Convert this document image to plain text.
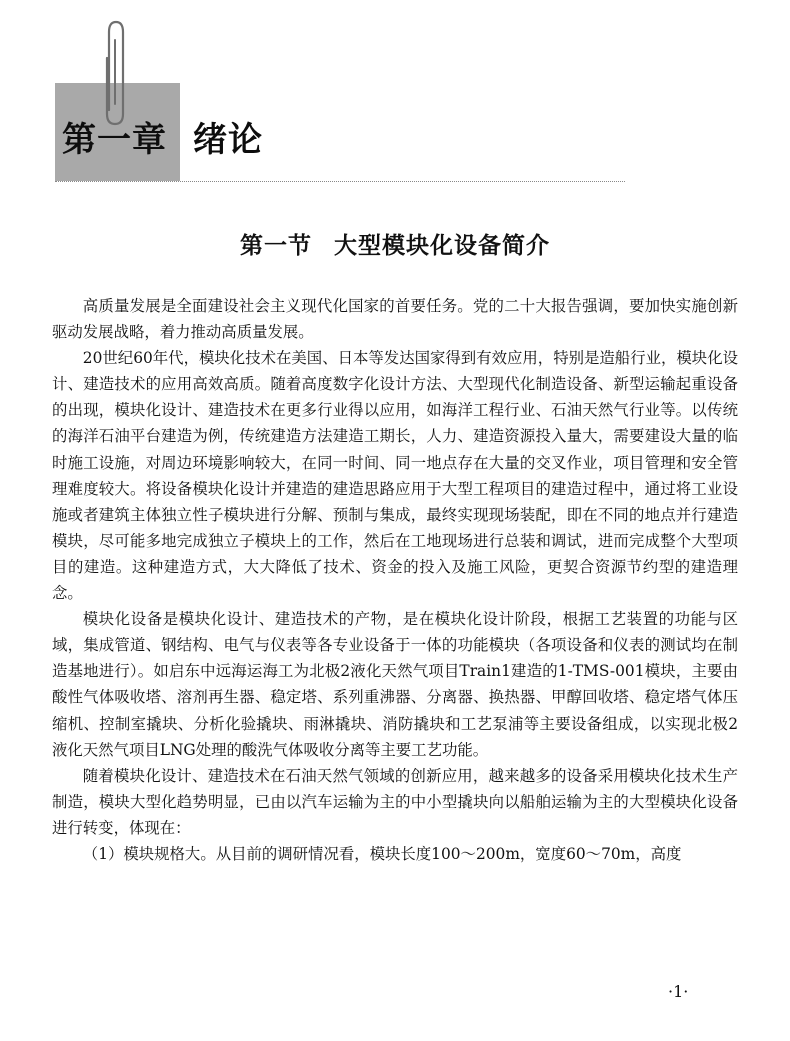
第一章 绪论
第一节 大型模块化设备简介

高质量发展是全面建设社会主义现代化国家的首要任务。党的二十大报告强调，要加快实施创新驱动发展战略，着力推动高质量发展。

20世纪60年代，模块化技术在美国、日本等发达国家得到有效应用，特别是造船行业，模块化设计、建造技术的应用高效高质。随着高度数字化设计方法、大型现代化制造设备、新型运输起重设备的出现，模块化设计、建造技术在更多行业得以应用，如海洋工程行业、石油天然气行业等。以传统的海洋石油平台建造为例，传统建造方法建造工期长，人力、建造资源投入量大，需要建设大量的临时施工设施，对周边环境影响较大，在同一时间、同一地点存在大量的交叉作业，项目管理和安全管理难度较大。将设备模块化设计并建造的建造思路应用于大型工程项目的建造过程中，通过将工业设施或者建筑主体独立性子模块进行分解、预制与集成，最终实现现场装配，即在不同的地点并行建造模块，尽可能多地完成独立子模块上的工作，然后在工地现场进行总装和调试，进而完成整个大型项目的建造。这种建造方式，大大降低了技术、资金的投入及施工风险，更契合资源节约型的建造理念。

模块化设备是模块化设计、建造技术的产物，是在模块化设计阶段，根据工艺装置的功能与区域，集成管道、钢结构、电气与仪表等各专业设备于一体的功能模块（各项设备和仪表的测试均在制造基地进行）。如启东中远海运海工为北极2液化天然气项目Train1建造的1-TMS-001模块，主要由酸性气体吸收塔、溶剂再生器、稳定塔、系列重沸器、分离器、换热器、甲醇回收塔、稳定塔气体压缩机、控制室撬块、分析化验撬块、雨淋撬块、消防撬块和工艺泵浦等主要设备组成，以实现北极2液化天然气项目LNG处理的酸洗气体吸收分离等主要工艺功能。

随着模块化设计、建造技术在石油天然气领域的创新应用，越来越多的设备采用模块化技术生产制造，模块大型化趋势明显，已由以汽车运输为主的中小型撬块向以船舶运输为主的大型模块化设备进行转变，体现在：

（1）模块规格大。从目前的调研情况看，模块长度100～200m，宽度60～70m，高度

·1·
